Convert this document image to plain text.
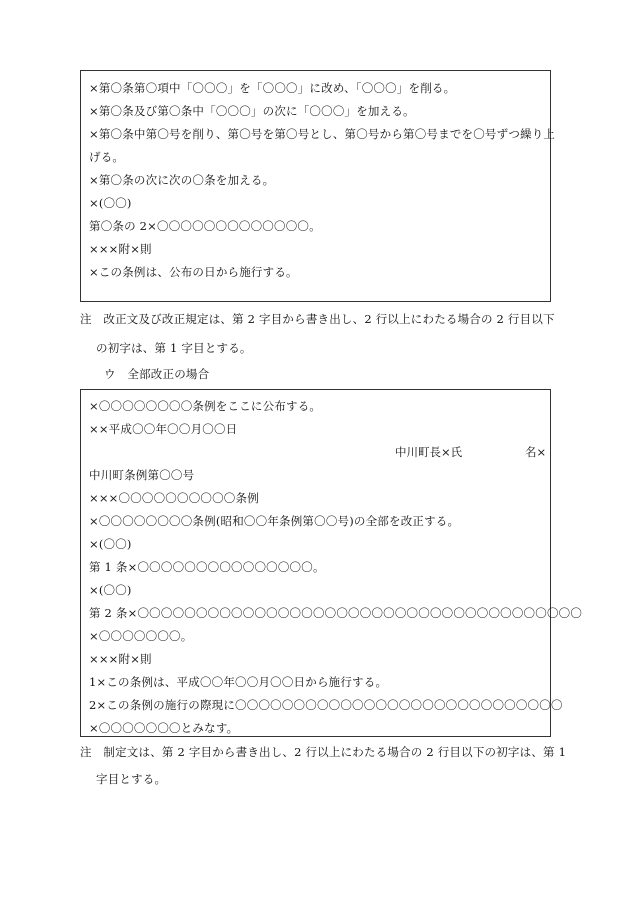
×第〇条第〇項中「〇〇〇」を「〇〇〇」に改め、「〇〇〇」を削る。
×第〇条及び第〇条中「〇〇〇」の次に「〇〇〇」を加える。
×第〇条中第〇号を削り、第〇号を第〇号とし、第〇号から第〇号までを〇号ずつ繰り上
げる。
×第〇条の次に次の〇条を加える。
×(〇〇)
第〇条の 2×〇〇〇〇〇〇〇〇〇〇〇〇〇。
×××附×則
×この条例は、公布の日から施行する。
注　改正文及び改正規定は、第 2 字目から書き出し、2 行以上にわたる場合の 2 行目以下
の初字は、第 1 字目とする。
ウ　全部改正の場合
×〇〇〇〇〇〇〇〇条例をここに公布する。
××平成〇〇年〇〇月〇〇日
中川町長×氏	名×
中川町条例第〇〇号
×××〇〇〇〇〇〇〇〇〇〇条例
×〇〇〇〇〇〇〇〇条例(昭和〇〇年条例第〇〇号)の全部を改正する。
×(〇〇)
第 1 条×〇〇〇〇〇〇〇〇〇〇〇〇〇〇〇。
×(〇〇)
第 2 条×〇〇〇〇〇〇〇〇〇〇〇〇〇〇〇〇〇〇〇〇〇〇〇〇〇〇〇〇〇〇〇〇〇〇〇〇〇〇
×〇〇〇〇〇〇〇。
×××附×則
1×この条例は、平成〇〇年〇〇月〇〇日から施行する。
2×この条例の施行の際現に〇〇〇〇〇〇〇〇〇〇〇〇〇〇〇〇〇〇〇〇〇〇〇〇〇〇〇〇
×〇〇〇〇〇〇〇とみなす。
注　制定文は、第 2 字目から書き出し、2 行以上にわたる場合の 2 行目以下の初字は、第 1
字目とする。
